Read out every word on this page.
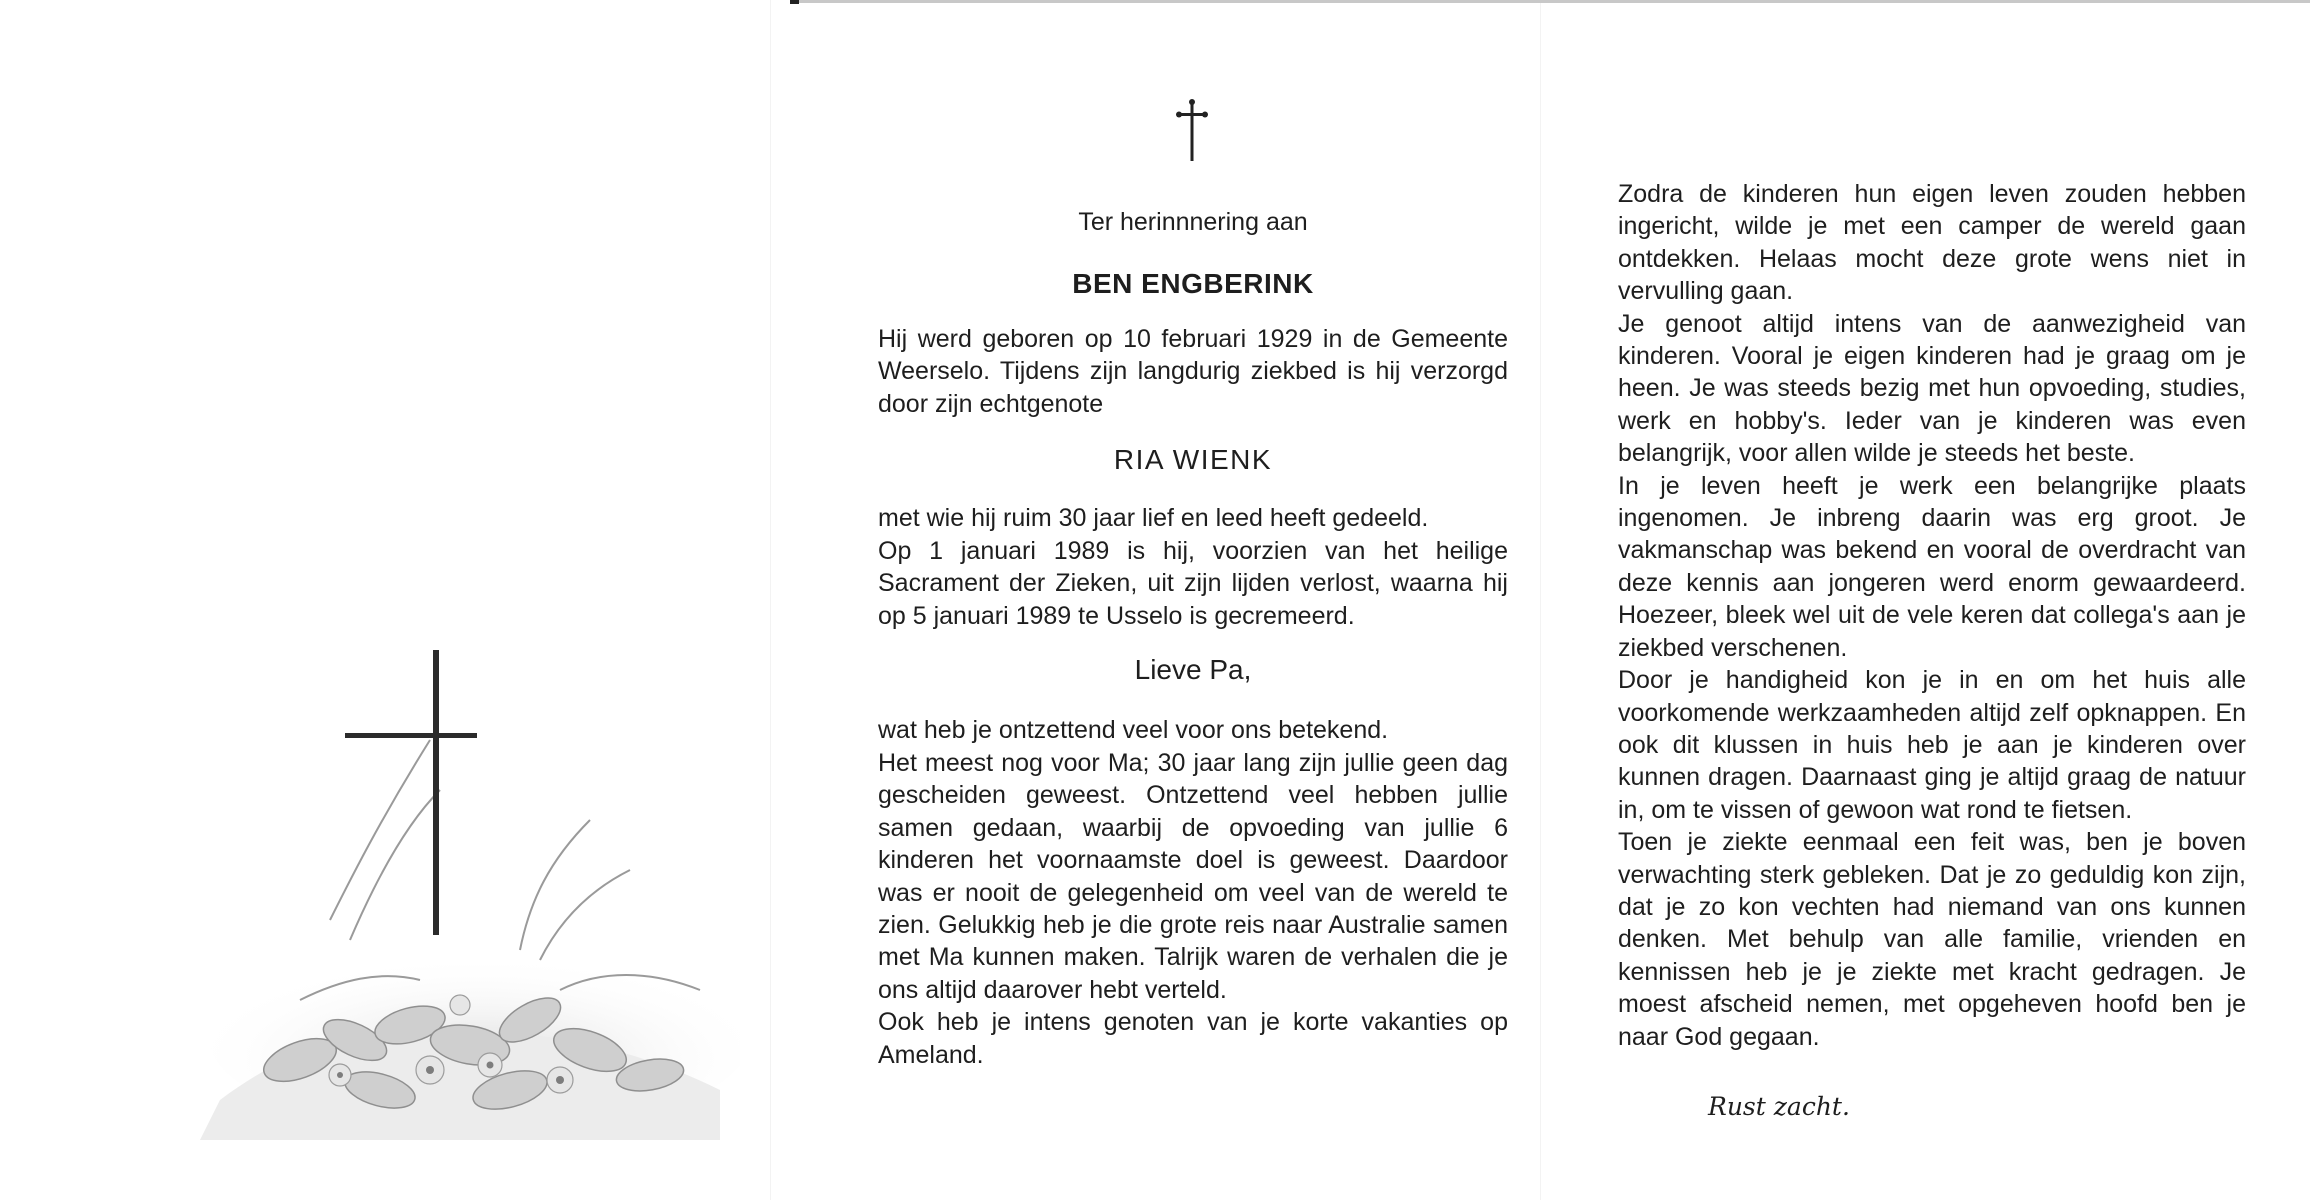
Ter herinnnering aan

BEN ENGBERINK

Hij werd geboren op 10 februari 1929 in de Gemeente Weerselo. Tijdens zijn langdurig ziekbed is hij verzorgd door zijn echtgenote

RIA WIENK

met wie hij ruim 30 jaar lief en leed heeft gedeeld.

Op 1 januari 1989 is hij, voorzien van het heilige Sacrament der Zieken, uit zijn lijden verlost, waarna hij op 5 januari 1989 te Usselo is gecremeerd.

Lieve Pa,

wat heb je ontzettend veel voor ons betekend.

Het meest nog voor Ma; 30 jaar lang zijn jullie geen dag gescheiden geweest. Ontzettend veel hebben jullie samen gedaan, waarbij de opvoeding van jullie 6 kinderen het voornaamste doel is geweest. Daardoor was er nooit de gelegenheid om veel van de wereld te zien. Gelukkig heb je die grote reis naar Australie samen met Ma kunnen maken. Talrijk waren de verhalen die je ons altijd daarover hebt verteld.

Ook heb je intens genoten van je korte vakanties op Ameland.

Zodra de kinderen hun eigen leven zouden hebben ingericht, wilde je met een camper de wereld gaan ontdekken. Helaas mocht deze grote wens niet in vervulling gaan.

Je genoot altijd intens van de aanwezigheid van kinderen. Vooral je eigen kinderen had je graag om je heen. Je was steeds bezig met hun opvoeding, studies, werk en hobby's. Ieder van je kinderen was even belangrijk, voor allen wilde je steeds het beste.

In je leven heeft je werk een belangrijke plaats ingenomen. Je inbreng daarin was erg groot. Je vakmanschap was bekend en vooral de overdracht van deze kennis aan jongeren werd enorm gewaardeerd. Hoezeer, bleek wel uit de vele keren dat collega's aan je ziekbed verschenen.

Door je handigheid kon je in en om het huis alle voorkomende werkzaamheden altijd zelf opknappen. En ook dit klussen in huis heb je aan je kinderen over kunnen dragen. Daarnaast ging je altijd graag de natuur in, om te vissen of gewoon wat rond te fietsen.

Toen je ziekte eenmaal een feit was, ben je boven verwachting sterk gebleken. Dat je zo geduldig kon zijn, dat je zo kon vechten had niemand van ons kunnen denken. Met behulp van alle familie, vrienden en kennissen heb je je ziekte met kracht gedragen. Je moest afscheid nemen, met opgeheven hoofd ben je naar God gegaan.

Rust zacht.
